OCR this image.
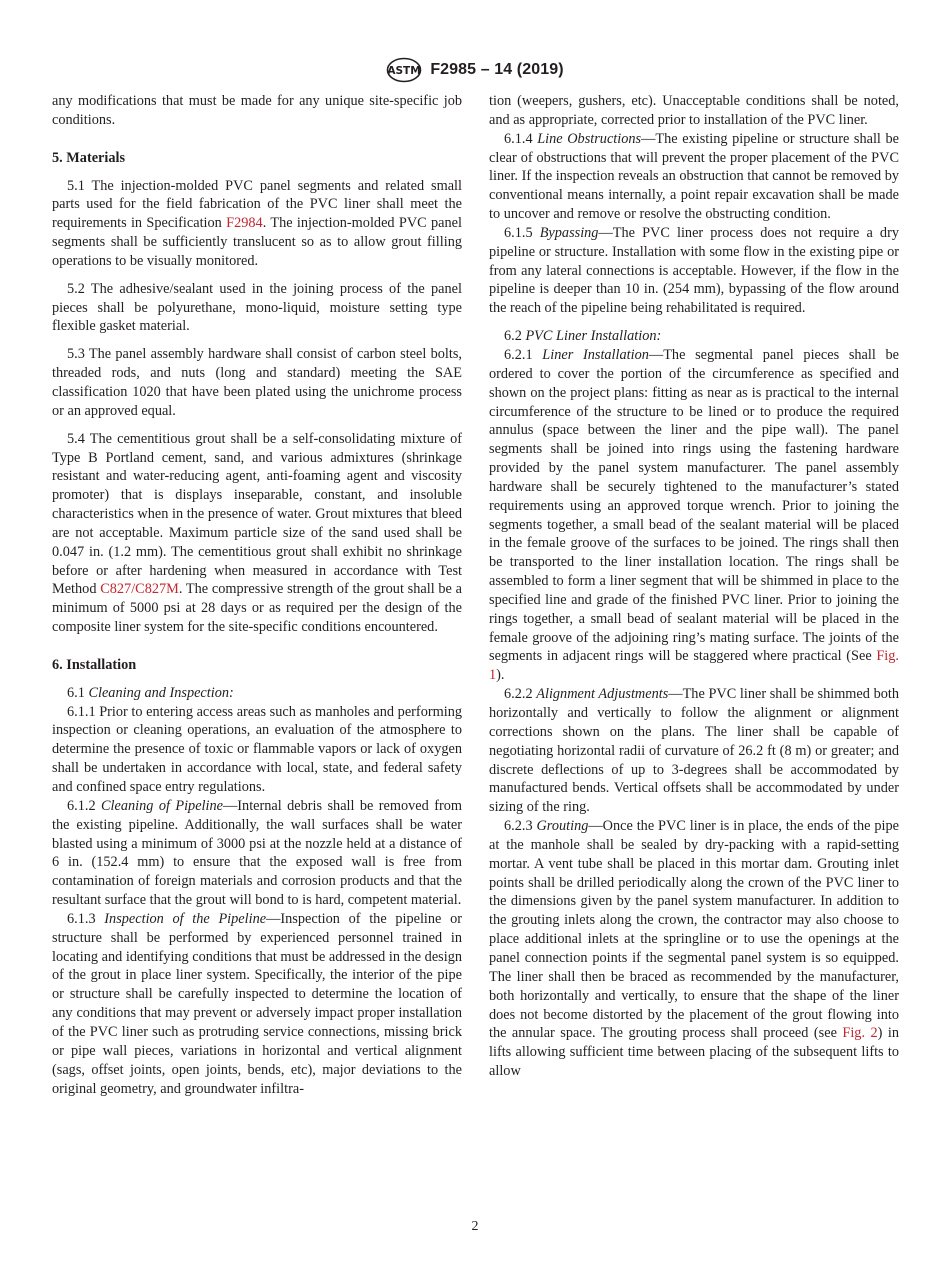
ASTM F2985 – 14 (2019)

any modifications that must be made for any unique site-specific job conditions.

5. Materials

5.1 The injection-molded PVC panel segments and related small parts used for the field fabrication of the PVC liner shall meet the requirements in Specification F2984. The injection-molded PVC panel segments shall be sufficiently translucent so as to allow grout filling operations to be visually monitored.

5.2 The adhesive/sealant used in the joining process of the panel pieces shall be polyurethane, mono-liquid, moisture setting type flexible gasket material.

5.3 The panel assembly hardware shall consist of carbon steel bolts, threaded rods, and nuts (long and standard) meeting the SAE classification 1020 that have been plated using the unichrome process or an approved equal.

5.4 The cementitious grout shall be a self-consolidating mixture of Type B Portland cement, sand, and various admixtures (shrinkage resistant and water-reducing agent, anti-foaming agent and viscosity promoter) that is displays inseparable, constant, and insoluble characteristics when in the presence of water. Grout mixtures that bleed are not acceptable. Maximum particle size of the sand used shall be 0.047 in. (1.2 mm). The cementitious grout shall exhibit no shrinkage before or after hardening when measured in accordance with Test Method C827/C827M. The compressive strength of the grout shall be a minimum of 5000 psi at 28 days or as required per the design of the composite liner system for the site-specific conditions encountered.

6. Installation

6.1 Cleaning and Inspection:

6.1.1 Prior to entering access areas such as manholes and performing inspection or cleaning operations, an evaluation of the atmosphere to determine the presence of toxic or flammable vapors or lack of oxygen shall be undertaken in accordance with local, state, and federal safety and confined space entry regulations.

6.1.2 Cleaning of Pipeline—Internal debris shall be removed from the existing pipeline. Additionally, the wall surfaces shall be water blasted using a minimum of 3000 psi at the nozzle held at a distance of 6 in. (152.4 mm) to ensure that the exposed wall is free from contamination of foreign materials and corrosion products and that the resultant surface that the grout will bond to is hard, competent material.

6.1.3 Inspection of the Pipeline—Inspection of the pipeline or structure shall be performed by experienced personnel trained in locating and identifying conditions that must be addressed in the design of the grout in place liner system. Specifically, the interior of the pipe or structure shall be carefully inspected to determine the location of any conditions that may prevent or adversely impact proper installation of the PVC liner such as protruding service connections, missing brick or pipe wall pieces, variations in horizontal and vertical alignment (sags, offset joints, open joints, bends, etc), major deviations to the original geometry, and groundwater infiltra-

tion (weepers, gushers, etc). Unacceptable conditions shall be noted, and as appropriate, corrected prior to installation of the PVC liner.

6.1.4 Line Obstructions—The existing pipeline or structure shall be clear of obstructions that will prevent the proper placement of the PVC liner. If the inspection reveals an obstruction that cannot be removed by conventional means internally, a point repair excavation shall be made to uncover and remove or resolve the obstructing condition.

6.1.5 Bypassing—The PVC liner process does not require a dry pipeline or structure. Installation with some flow in the existing pipe or from any lateral connections is acceptable. However, if the flow in the pipeline is deeper than 10 in. (254 mm), bypassing of the flow around the reach of the pipeline being rehabilitated is required.

6.2 PVC Liner Installation:

6.2.1 Liner Installation—The segmental panel pieces shall be ordered to cover the portion of the circumference as specified and shown on the project plans: fitting as near as is practical to the internal circumference of the structure to be lined or to produce the required annulus (space between the liner and the pipe wall). The panel segments shall be joined into rings using the fastening hardware provided by the panel system manufacturer. The panel assembly hardware shall be securely tightened to the manufacturer’s stated requirements using an approved torque wrench. Prior to joining the segments together, a small bead of the sealant material will be placed in the female groove of the surfaces to be joined. The rings shall then be transported to the liner installation location. The rings shall be assembled to form a liner segment that will be shimmed in place to the specified line and grade of the finished PVC liner. Prior to joining the rings together, a small bead of sealant material will be placed in the female groove of the adjoining ring’s mating surface. The joints of the segments in adjacent rings will be staggered where practical (See Fig. 1).

6.2.2 Alignment Adjustments—The PVC liner shall be shimmed both horizontally and vertically to follow the alignment or alignment corrections shown on the plans. The liner shall be capable of negotiating horizontal radii of curvature of 26.2 ft (8 m) or greater; and discrete deflections of up to 3-degrees shall be accommodated by manufactured bends. Vertical offsets shall be accommodated by under sizing of the ring.

6.2.3 Grouting—Once the PVC liner is in place, the ends of the pipe at the manhole shall be sealed by dry-packing with a rapid-setting mortar. A vent tube shall be placed in this mortar dam. Grouting inlet points shall be drilled periodically along the crown of the PVC liner to the dimensions given by the panel system manufacturer. In addition to the grouting inlets along the crown, the contractor may also choose to place additional inlets at the springline or to use the openings at the panel connection points if the segmental panel system is so equipped. The liner shall then be braced as recommended by the manufacturer, both horizontally and vertically, to ensure that the shape of the liner does not become distorted by the placement of the grout flowing into the annular space. The grouting process shall proceed (see Fig. 2) in lifts allowing sufficient time between placing of the subsequent lifts to allow

2
